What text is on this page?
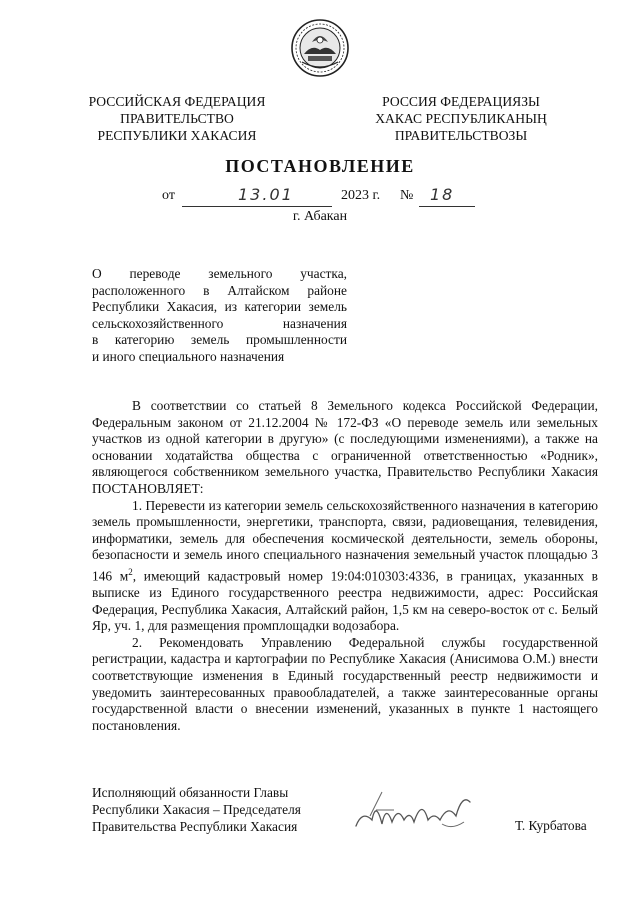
РОССИЙСКАЯ ФЕДЕРАЦИЯ
ПРАВИТЕЛЬСТВО
РЕСПУБЛИКИ ХАКАСИЯ
РОССИЯ ФЕДЕРАЦИЯЗЫ
ХАКАС РЕСПУБЛИКАНЫҢ
ПРАВИТЕЛЬСТВОЗЫ
ПОСТАНОВЛЕНИЕ
от	13.01	2023 г. № 18
г. Абакан
О переводе земельного участка,
расположенного в Алтайском районе
Республики Хакасия, из категории земель
сельскохозяйственного назначения
в категорию земель промышленности
и иного специального назначения

В соответствии со статьей 8 Земельного кодекса Российской Федерации, Федеральным законом от 21.12.2004 № 172-ФЗ «О переводе земель или земельных участков из одной категории в другую» (с последующими изменениями), а также на основании ходатайства общества с ограниченной ответственностью «Родник», являющегося собственником земельного участка, Правительство Республики Хакасия ПОСТАНОВЛЯЕТ:

1. Перевести из категории земель сельскохозяйственного назначения в категорию земель промышленности, энергетики, транспорта, связи, радиовещания, телевидения, информатики, земель для обеспечения космической деятельности, земель обороны, безопасности и земель иного специального назначения земельный участок площадью 3 146 $м^2$, имеющий кадастровый номер 19:04:010303:4336, в границах, указанных в выписке из Единого государственного реестра недвижимости, адрес: Российская Федерация, Республика Хакасия, Алтайский район, 1,5 км на северо-восток от с. Белый Яр, уч. 1, для размещения промплощадки водозабора.

2. Рекомендовать Управлению Федеральной службы государственной регистрации, кадастра и картографии по Республике Хакасия (Анисимова О.М.) внести соответствующие изменения в Единый государственный реестр недвижимости и уведомить заинтересованных правообладателей, а также заинтересованные органы государственной власти о внесении изменений, указанных в пункте 1 настоящего постановления.

Исполняющий обязанности Главы
Республики Хакасия – Председателя
Правительства Республики Хакасия	Т. Курбатова
